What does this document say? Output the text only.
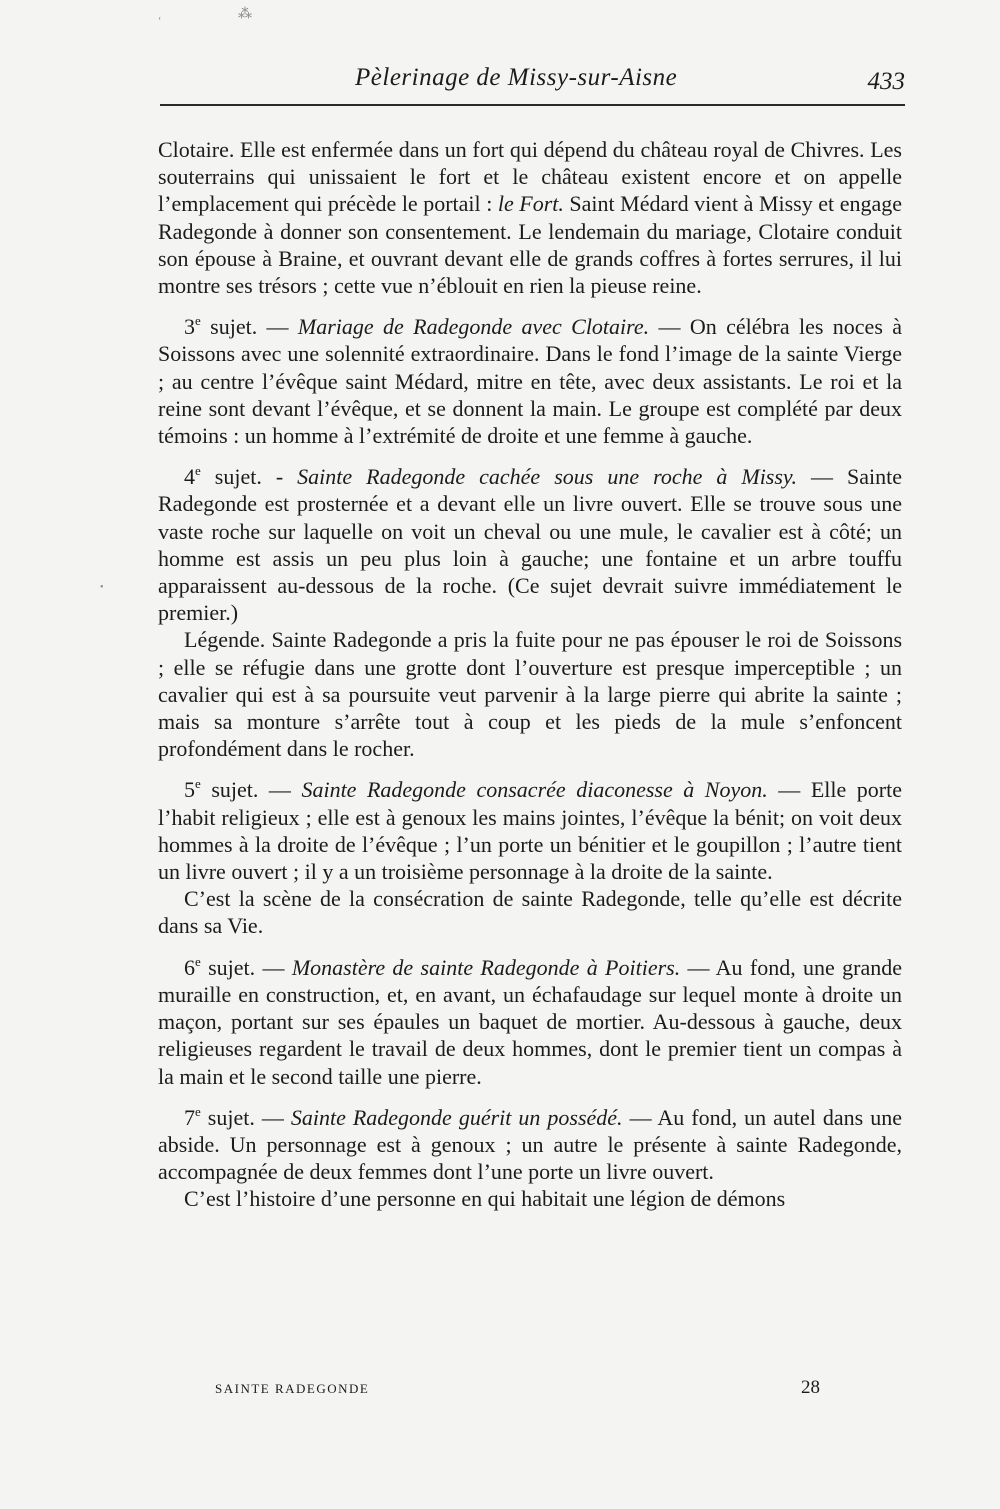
⁂
‘
•
Pèlerinage de Missy-sur-Aisne	433

Clotaire. Elle est enfermée dans un fort qui dépend du château royal de Chivres. Les souterrains qui unissaient le fort et le château existent encore et on appelle l’emplacement qui précède le portail : le Fort. Saint Médard vient à Missy et engage Radegonde à donner son consentement. Le lendemain du mariage, Clotaire conduit son épouse à Braine, et ouvrant devant elle de grands coffres à fortes serrures, il lui montre ses trésors ; cette vue n’éblouit en rien la pieuse reine.

3e sujet. — Mariage de Radegonde avec Clotaire. — On célébra les noces à Soissons avec une solennité extraordinaire. Dans le fond l’image de la sainte Vierge ; au centre l’évêque saint Médard, mitre en tête, avec deux assistants. Le roi et la reine sont devant l’évêque, et se donnent la main. Le groupe est complété par deux témoins : un homme à l’extrémité de droite et une femme à gauche.

4e sujet. - Sainte Radegonde cachée sous une roche à Missy. — Sainte Radegonde est prosternée et a devant elle un livre ouvert. Elle se trouve sous une vaste roche sur laquelle on voit un cheval ou une mule, le cavalier est à côté; un homme est assis un peu plus loin à gauche; une fontaine et un arbre touffu apparaissent au-dessous de la roche. (Ce sujet devrait suivre immédiatement le premier.)

Légende. Sainte Radegonde a pris la fuite pour ne pas épouser le roi de Soissons ; elle se réfugie dans une grotte dont l’ouverture est presque imperceptible ; un cavalier qui est à sa poursuite veut parvenir à la large pierre qui abrite la sainte ; mais sa monture s’arrête tout à coup et les pieds de la mule s’enfoncent profondément dans le rocher.

5e sujet. — Sainte Radegonde consacrée diaconesse à Noyon. — Elle porte l’habit religieux ; elle est à genoux les mains jointes, l’évêque la bénit; on voit deux hommes à la droite de l’évêque ; l’un porte un bénitier et le goupillon ; l’autre tient un livre ouvert ; il y a un troisième personnage à la droite de la sainte.

C’est la scène de la consécration de sainte Radegonde, telle qu’elle est décrite dans sa Vie.

6e sujet. — Monastère de sainte Radegonde à Poitiers. — Au fond, une grande muraille en construction, et, en avant, un échafaudage sur lequel monte à droite un maçon, portant sur ses épaules un baquet de mortier. Au-dessous à gauche, deux religieuses regardent le travail de deux hommes, dont le premier tient un compas à la main et le second taille une pierre.

7e sujet. — Sainte Radegonde guérit un possédé. — Au fond, un autel dans une abside. Un personnage est à genoux ; un autre le présente à sainte Radegonde, accompagnée de deux femmes dont l’une porte un livre ouvert.

C’est l’histoire d’une personne en qui habitait une légion de démons

SAINTE RADEGONDE	28
